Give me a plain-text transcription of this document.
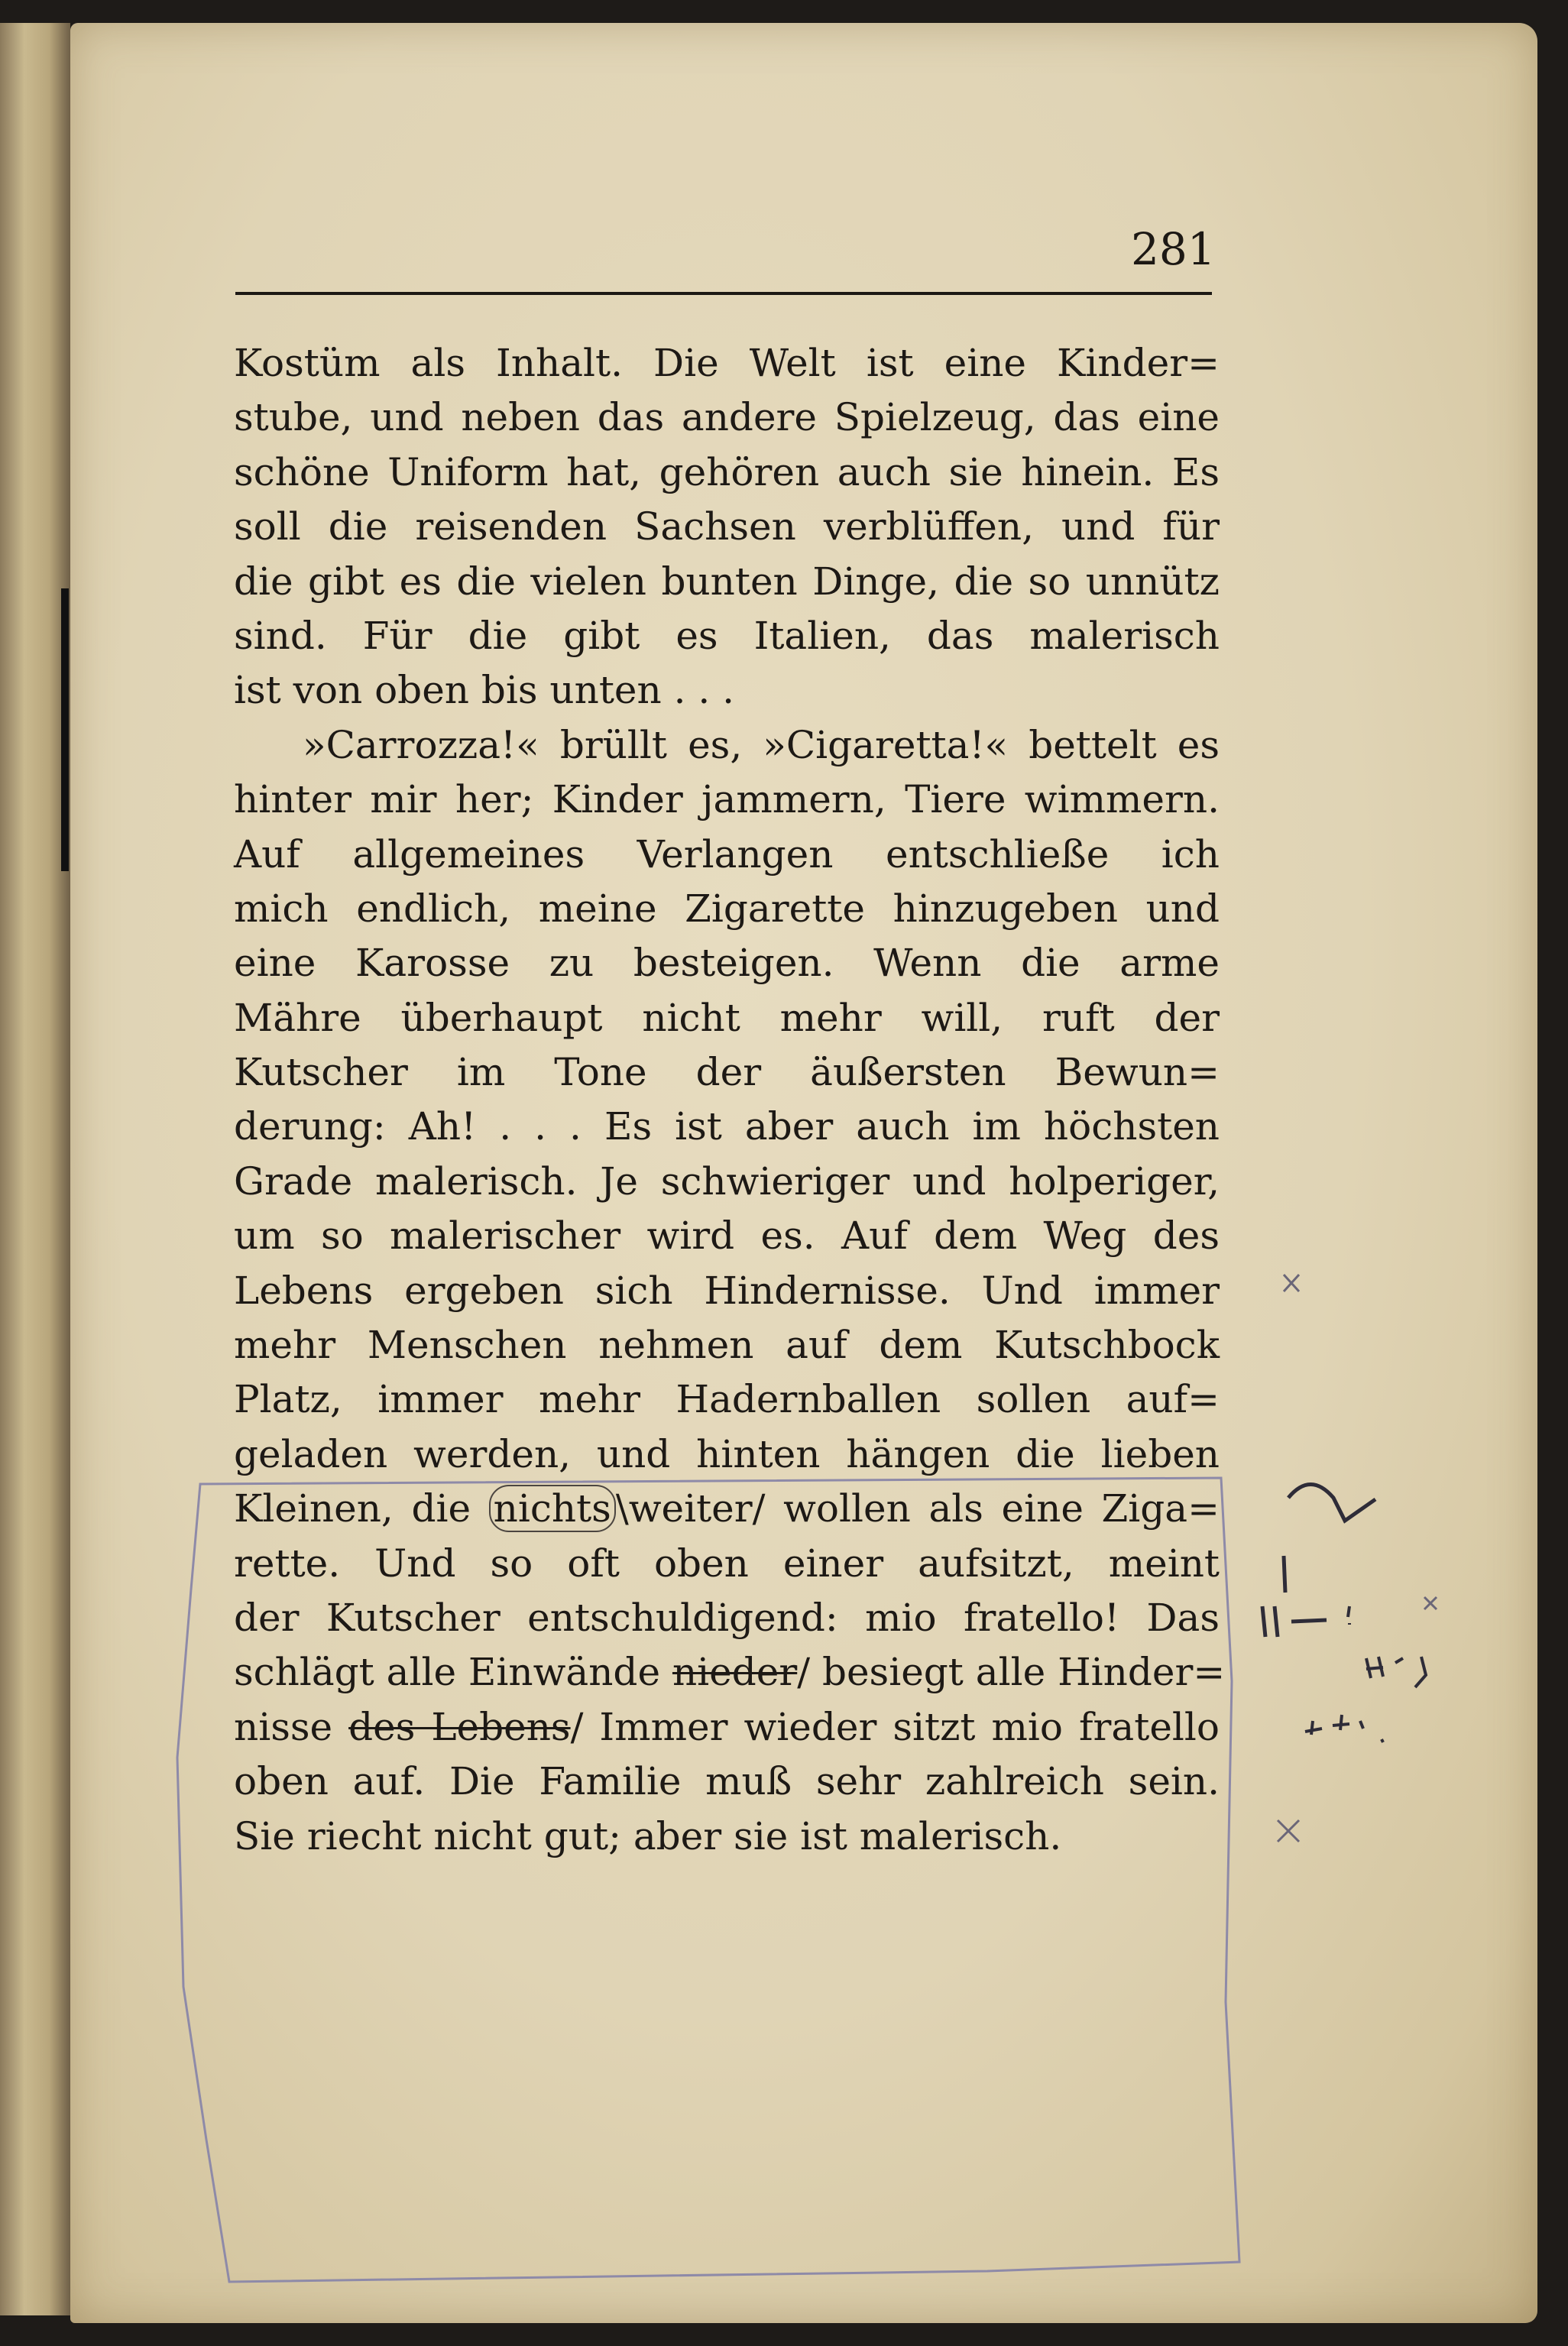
281
Kostüm als Inhalt. Die Welt ist eine Kinder=
stube, und neben das andere Spielzeug, das eine
schöne Uniform hat, gehören auch sie hinein. Es
soll die reisenden Sachsen verblüffen, und für
die gibt es die vielen bunten Dinge, die so unnütz
sind. Für die gibt es Italien, das malerisch
ist von oben bis unten . . .
»Carrozza!« brüllt es, »Cigaretta!« bettelt es
hinter mir her; Kinder jammern, Tiere wimmern.
Auf allgemeines Verlangen entschließe ich
mich endlich, meine Zigarette hinzugeben und
eine Karosse zu besteigen. Wenn die arme
Mähre überhaupt nicht mehr will, ruft der
Kutscher im Tone der äußersten Bewun=
derung: Ah! . . . Es ist aber auch im höchsten
Grade malerisch. Je schwieriger und holperiger,
um so malerischer wird es. Auf dem Weg des
Lebens ergeben sich Hindernisse. Und immer
mehr Menschen nehmen auf dem Kutschbock
Platz, immer mehr Hadernballen sollen auf=
geladen werden, und hinten hängen die lieben
Kleinen, die nichts \weiter/ wollen als eine Ziga=
rette. Und so oft oben einer aufsitzt, meint
der Kutscher entschuldigend: mio fratello! Das
schlägt alle Einwände nieder/ besiegt alle Hinder=
nisse des Lebens/ Immer wieder sitzt mio fratello
oben auf. Die Familie muß sehr zahlreich sein.
Sie riecht nicht gut; aber sie ist malerisch.
